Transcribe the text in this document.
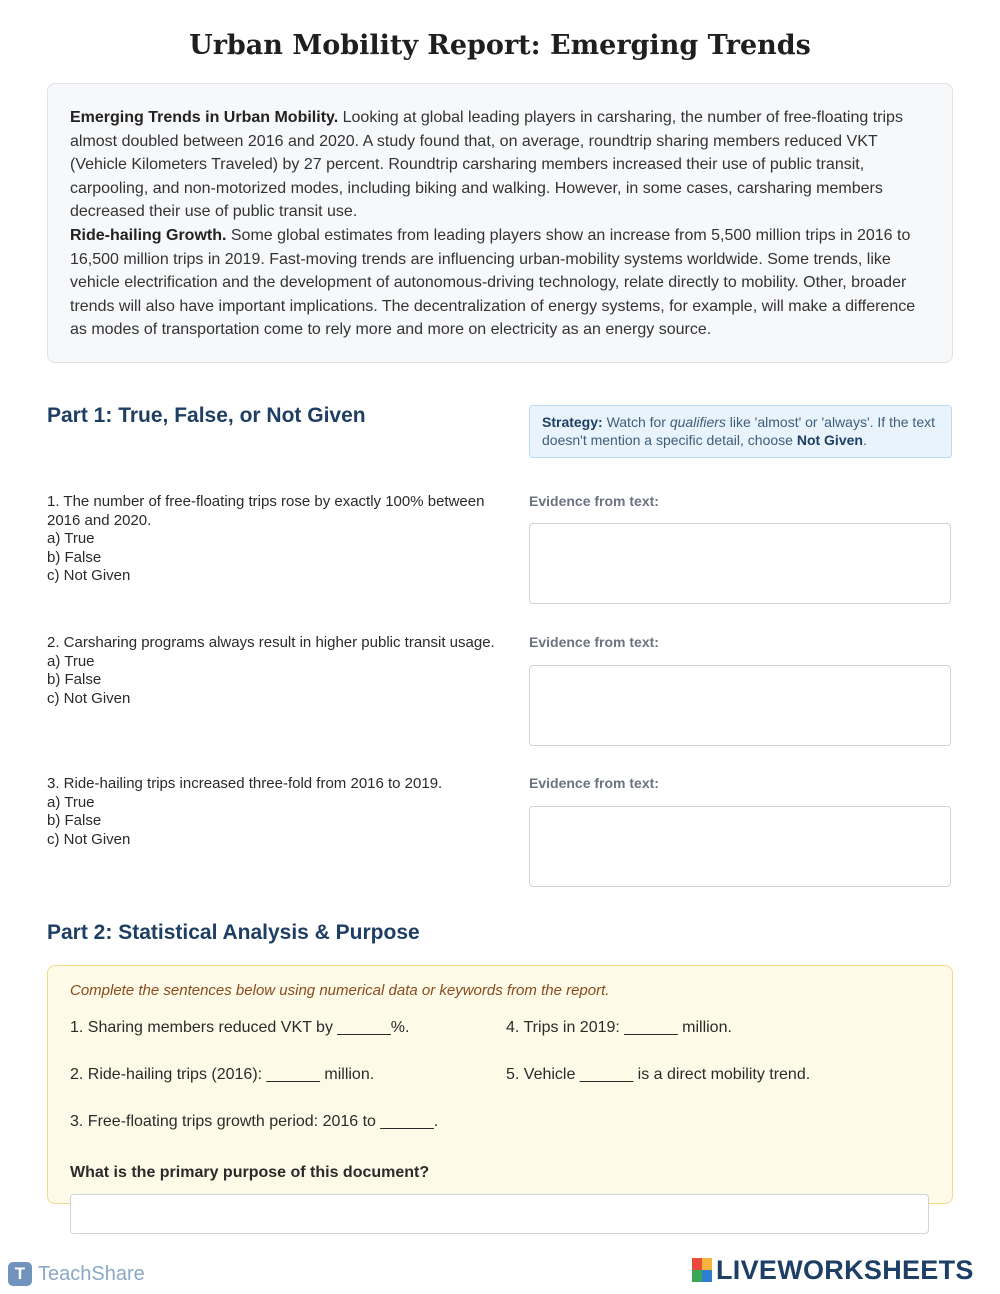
Urban Mobility Report: Emerging Trends

Emerging Trends in Urban Mobility. Looking at global leading players in carsharing, the number of free-floating trips almost doubled between 2016 and 2020. A study found that, on average, roundtrip sharing members reduced VKT (Vehicle Kilometers Traveled) by 27 percent. Roundtrip carsharing members increased their use of public transit, carpooling, and non-motorized modes, including biking and walking. However, in some cases, carsharing members decreased their use of public transit use.

Ride-hailing Growth. Some global estimates from leading players show an increase from 5,500 million trips in 2016 to 16,500 million trips in 2019. Fast-moving trends are influencing urban-mobility systems worldwide. Some trends, like vehicle electrification and the development of autonomous-driving technology, relate directly to mobility. Other, broader trends will also have important implications. The decentralization of energy systems, for example, will make a difference as modes of transportation come to rely more and more on electricity as an energy source.

Part 1: True, False, or Not Given	Strategy: Watch for qualifiers like 'almost' or 'always'. If the text doesn't mention a specific detail, choose Not Given.
1. The number of free-floating trips rose by exactly 100% between 2016 and 2020.
a) True
b) False
c) Not Given
Evidence from text:
2. Carsharing programs always result in higher public transit usage.
a) True
b) False
c) Not Given
Evidence from text:
3. Ride-hailing trips increased three-fold from 2016 to 2019.
a) True
b) False
c) Not Given
Evidence from text:
Part 2: Statistical Analysis & Purpose
Complete the sentences below using numerical data or keywords from the report.
1. Sharing members reduced VKT by ______%.
2. Ride-hailing trips (2016): ______ million.
3. Free-floating trips growth period: 2016 to ______.
4. Trips in 2019: ______ million.
5. Vehicle ______ is a direct mobility trend.
What is the primary purpose of this document?
T TeachShare	LIVEWORKSHEETS
